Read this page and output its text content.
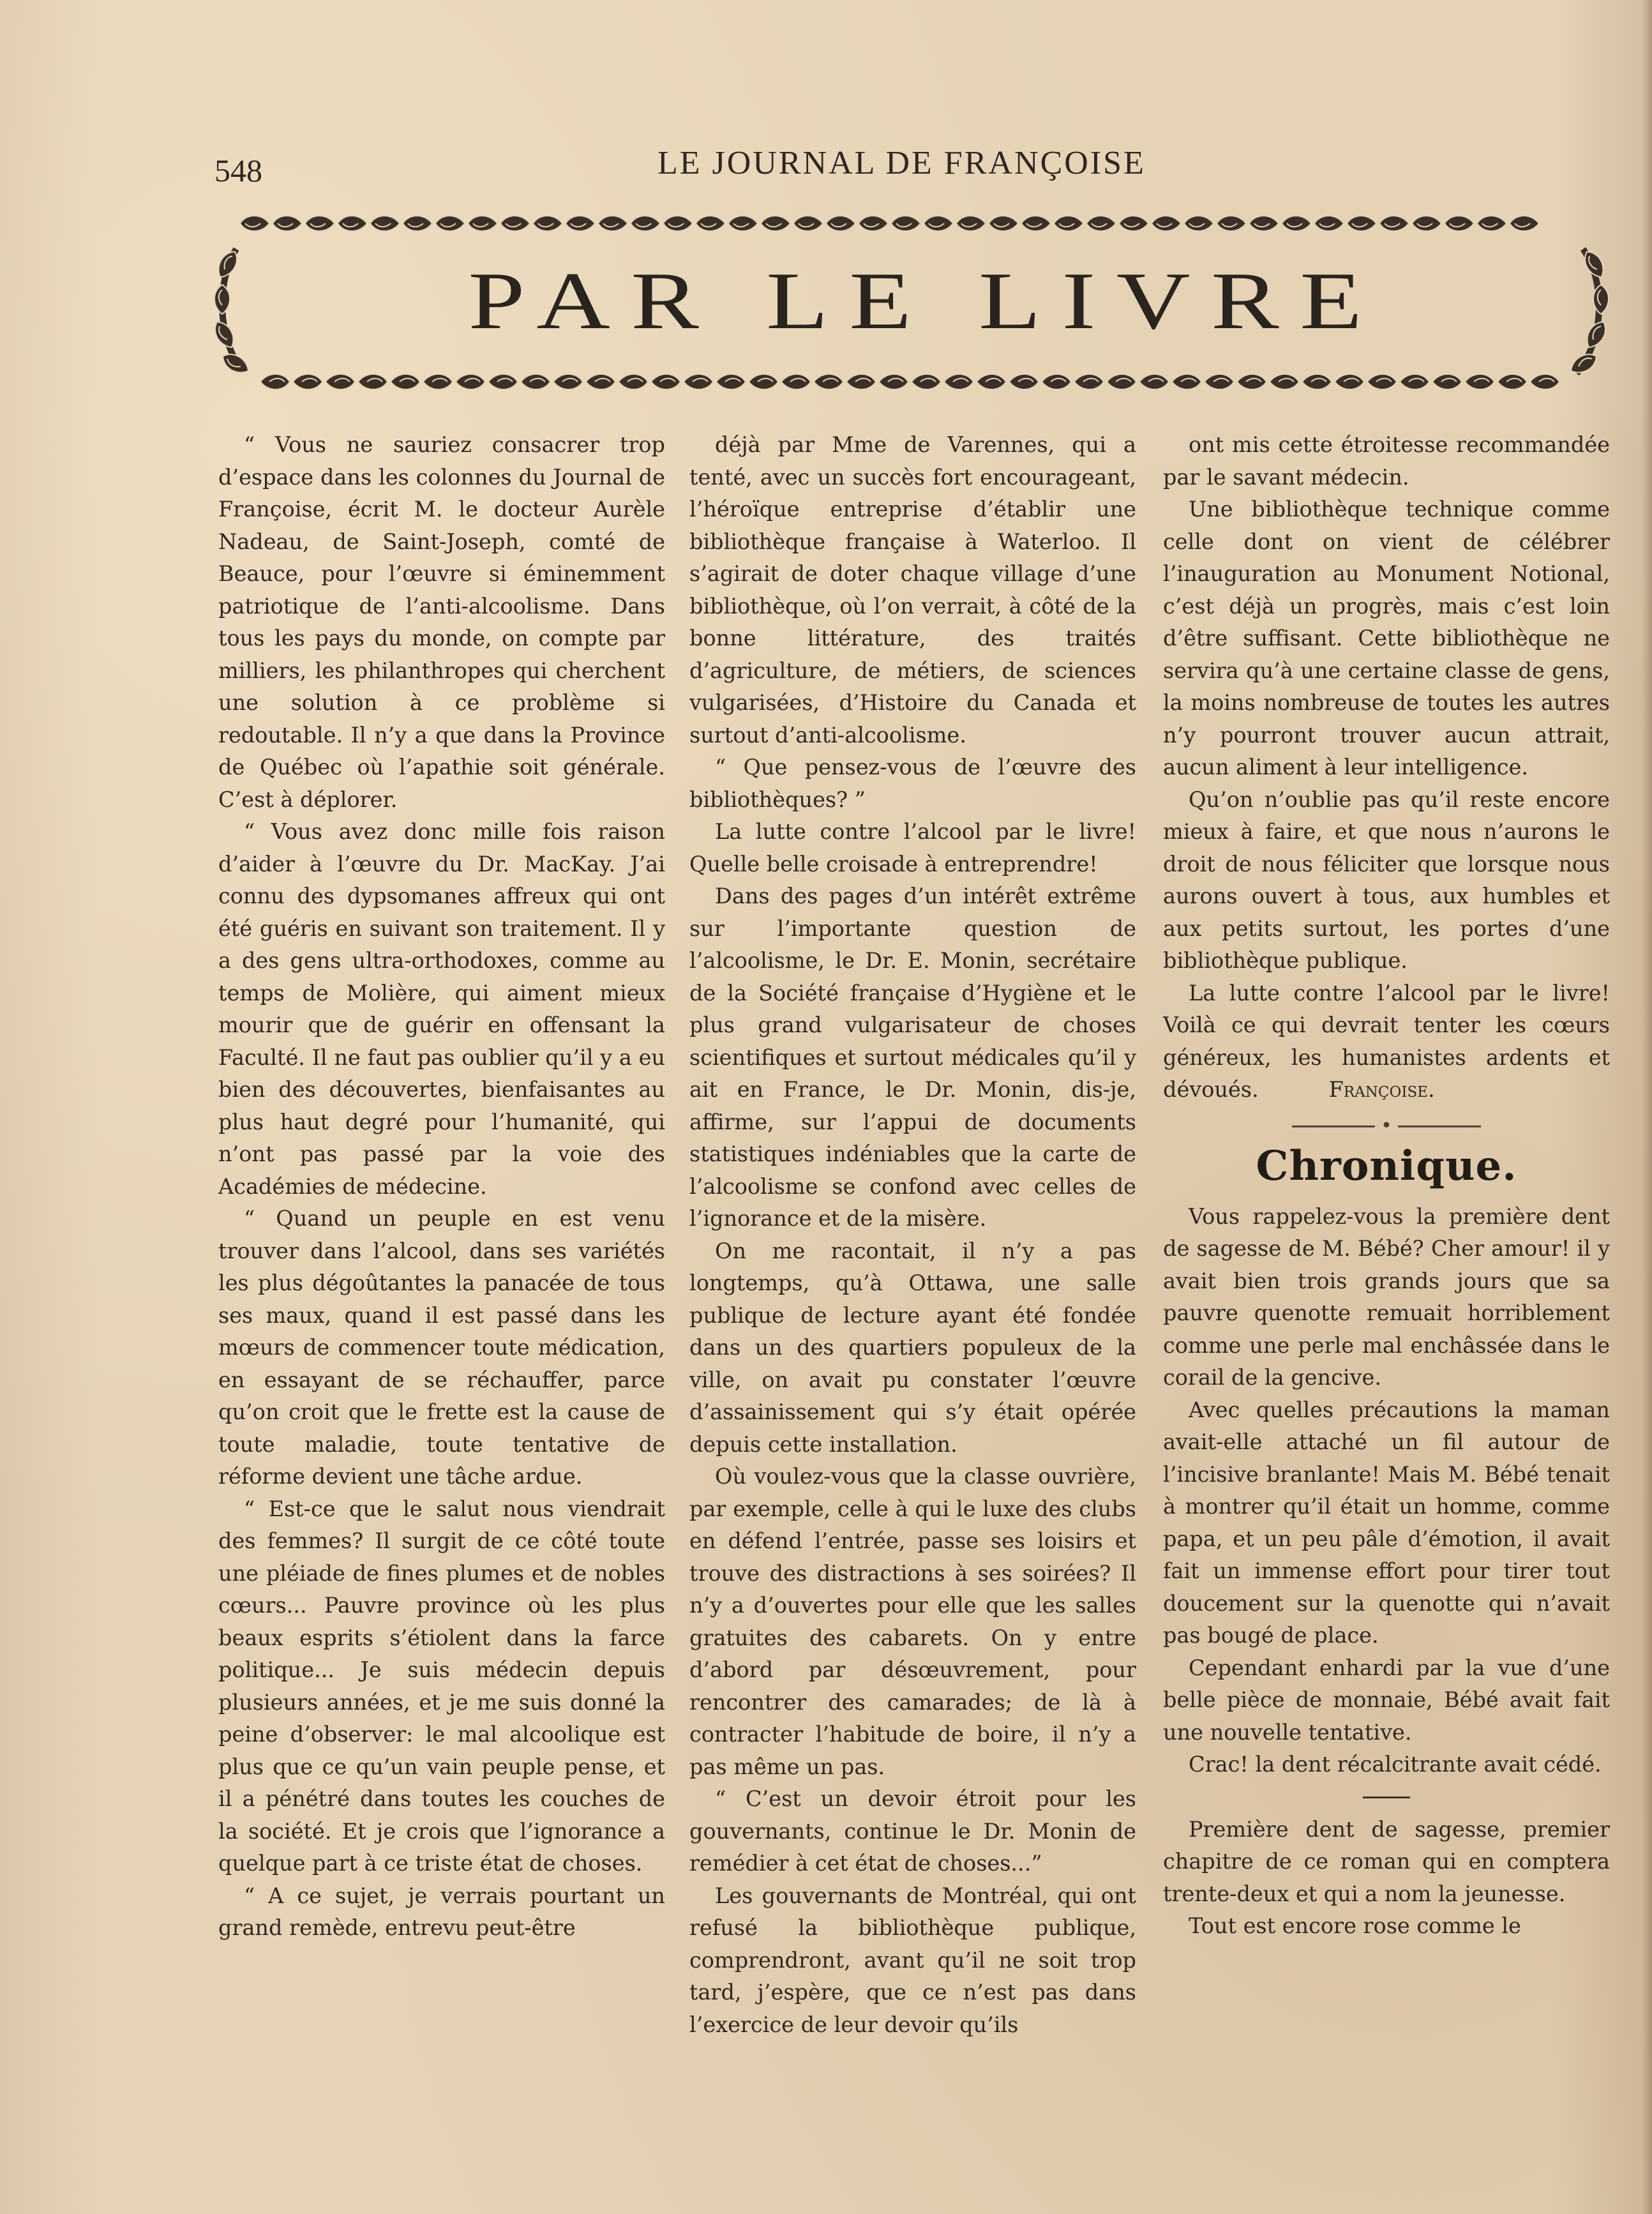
548	LE JOURNAL DE FRANÇOISE
PAR LE LIVRE

“ Vous ne sauriez consacrer trop d’espace dans les colonnes du Journal de Françoise, écrit M. le docteur Aurèle Nadeau, de Saint-Joseph, comté de Beauce, pour l’œuvre si éminemment patriotique de l’anti-alcoolisme. Dans tous les pays du monde, on compte par milliers, les philanthropes qui cherchent une solution à ce problème si redoutable. Il n’y a que dans la Province de Québec où l’apathie soit générale. C’est à déplorer.

“ Vous avez donc mille fois raison d’aider à l’œuvre du Dr. MacKay. J’ai connu des dypsomanes affreux qui ont été guéris en suivant son traitement. Il y a des gens ultra-orthodoxes, comme au temps de Molière, qui aiment mieux mourir que de guérir en offensant la Faculté. Il ne faut pas oublier qu’il y a eu bien des découvertes, bienfaisantes au plus haut degré pour l’humanité, qui n’ont pas passé par la voie des Académies de médecine.

“ Quand un peuple en est venu trouver dans l’alcool, dans ses variétés les plus dégoûtantes la panacée de tous ses maux, quand il est passé dans les mœurs de commencer toute médication, en essayant de se réchauffer, parce qu’on croit que le frette est la cause de toute maladie, toute tentative de réforme devient une tâche ardue.

“ Est-ce que le salut nous viendrait des femmes? Il surgit de ce côté toute une pléiade de fines plumes et de nobles cœurs... Pauvre province où les plus beaux esprits s’étiolent dans la farce politique... Je suis médecin depuis plusieurs années, et je me suis donné la peine d’observer: le mal alcoolique est plus que ce qu’un vain peuple pense, et il a pénétré dans toutes les couches de la société. Et je crois que l’ignorance a quelque part à ce triste état de choses.

“ A ce sujet, je verrais pourtant un grand remède, entrevu peut-être

déjà par Mme de Varennes, qui a tenté, avec un succès fort encourageant, l’héroïque entreprise d’établir une bibliothèque française à Waterloo. Il s’agirait de doter chaque village d’une bibliothèque, où l’on verrait, à côté de la bonne littérature, des traités d’agriculture, de métiers, de sciences vulgarisées, d’Histoire du Canada et surtout d’anti-alcoolisme.

“ Que pensez-vous de l’œuvre des bibliothèques? ”

La lutte contre l’alcool par le livre! Quelle belle croisade à entreprendre!

Dans des pages d’un intérêt extrême sur l’importante question de l’alcoolisme, le Dr. E. Monin, secrétaire de la Société française d’Hygiène et le plus grand vulgarisateur de choses scientifiques et surtout médicales qu’il y ait en France, le Dr. Monin, dis-je, affirme, sur l’appui de documents statistiques indéniables que la carte de l’alcoolisme se confond avec celles de l’ignorance et de la misère.

On me racontait, il n’y a pas longtemps, qu’à Ottawa, une salle publique de lecture ayant été fondée dans un des quartiers populeux de la ville, on avait pu constater l’œuvre d’assainissement qui s’y était opérée depuis cette installation.

Où voulez-vous que la classe ouvrière, par exemple, celle à qui le luxe des clubs en défend l’entrée, passe ses loisirs et trouve des distractions à ses soirées? Il n’y a d’ouvertes pour elle que les salles gratuites des cabarets. On y entre d’abord par désœuvrement, pour rencontrer des camarades; de là à contracter l’habitude de boire, il n’y a pas même un pas.

“ C’est un devoir étroit pour les gouvernants, continue le Dr. Monin de remédier à cet état de choses...”

Les gouvernants de Montréal, qui ont refusé la bibliothèque publique, comprendront, avant qu’il ne soit trop tard, j’espère, que ce n’est pas dans l’exercice de leur devoir qu’ils

ont mis cette étroitesse recommandée par le savant médecin.

Une bibliothèque technique comme celle dont on vient de célébrer l’inauguration au Monument Notional, c’est déjà un progrès, mais c’est loin d’être suffisant. Cette bibliothèque ne servira qu’à une certaine classe de gens, la moins nombreuse de toutes les autres n’y pourront trouver aucun attrait, aucun aliment à leur intelligence.

Qu’on n’oublie pas qu’il reste encore mieux à faire, et que nous n’aurons le droit de nous féliciter que lorsque nous aurons ouvert à tous, aux humbles et aux petits surtout, les portes d’une bibliothèque publique.

La lutte contre l’alcool par le livre! Voilà ce qui devrait tenter les cœurs généreux, les humanistes ardents et dévoués.	Françoise.

•
Chronique.

Vous rappelez-vous la première dent de sagesse de M. Bébé? Cher amour! il y avait bien trois grands jours que sa pauvre quenotte remuait horriblement comme une perle mal enchâssée dans le corail de la gencive.

Avec quelles précautions la maman avait-elle attaché un fil autour de l’incisive branlante! Mais M. Bébé tenait à montrer qu’il était un homme, comme papa, et un peu pâle d’émotion, il avait fait un immense effort pour tirer tout doucement sur la quenotte qui n’avait pas bougé de place.

Cependant enhardi par la vue d’une belle pièce de monnaie, Bébé avait fait une nouvelle tentative.

Crac! la dent récalcitrante avait cédé.

Première dent de sagesse, premier chapitre de ce roman qui en comptera trente-deux et qui a nom la jeunesse.

Tout est encore rose comme le
